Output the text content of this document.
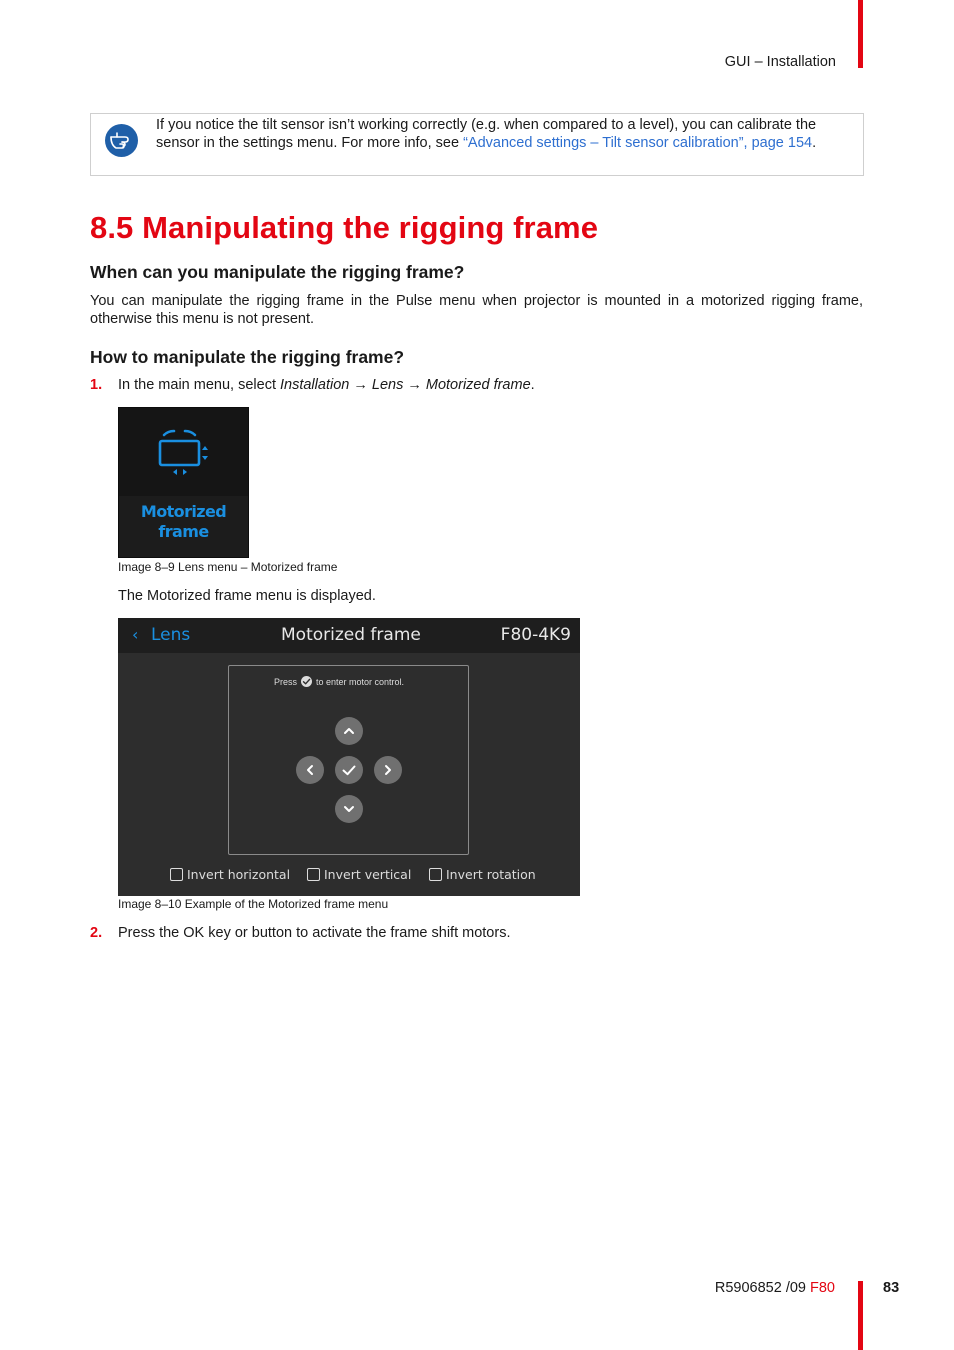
GUI – Installation
If you notice the tilt sensor isn’t working correctly (e.g. when compared to a level), you can calibrate the sensor in the settings menu. For more info, see “Advanced settings – Tilt sensor calibration”, page 154.
8.5 Manipulating the rigging frame
When can you manipulate the rigging frame?
You can manipulate the rigging frame in the Pulse menu when projector is mounted in a motorized rigging frame, otherwise this menu is not present.
How to manipulate the rigging frame?
1. In the main menu, select Installation → Lens → Motorized frame.
Motorized
frame
Image 8–9 Lens menu – Motorized frame
The Motorized frame menu is displayed.
‹ Lens	Motorized frame	F80-4K9
Press to enter motor control.
Invert horizontal	Invert vertical	Invert rotation
Image 8–10 Example of the Motorized frame menu
2. Press the OK key or button to activate the frame shift motors.
R5906852 /09 F80	83
